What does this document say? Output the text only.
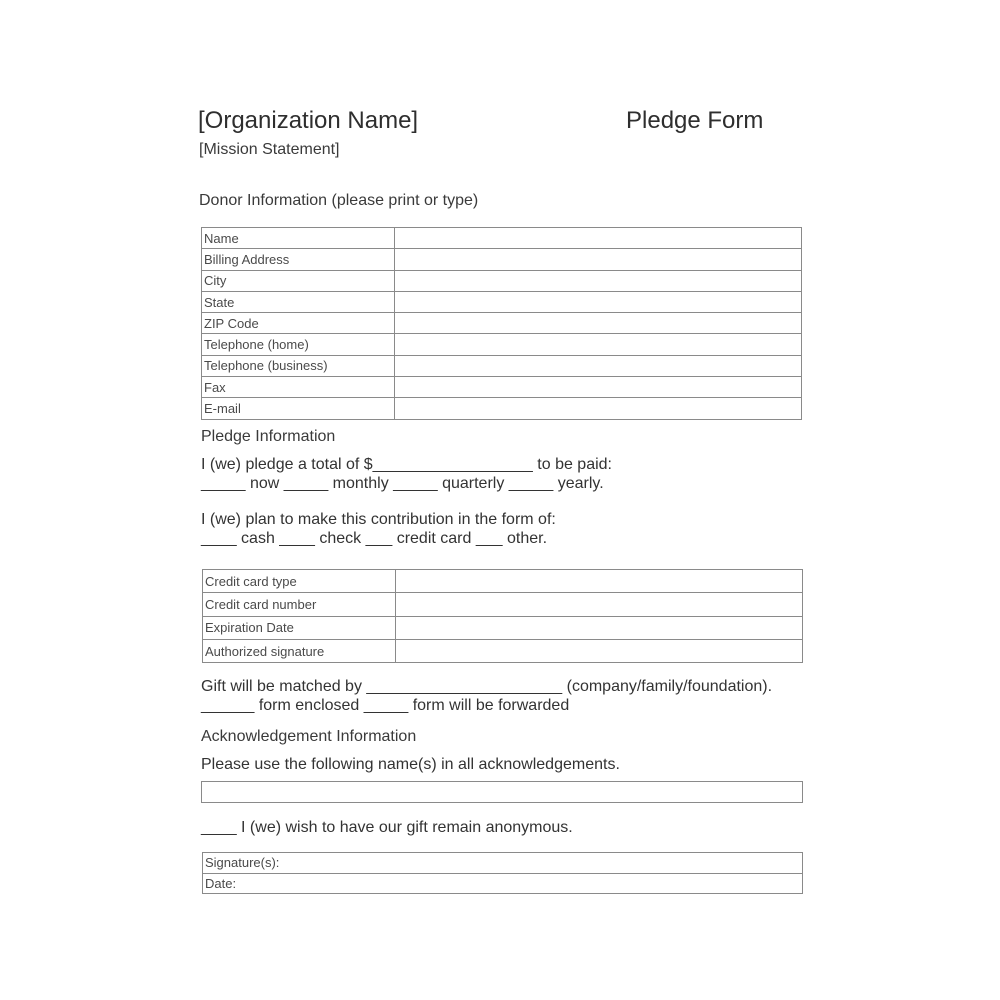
[Organization Name]	Pledge Form
[Mission Statement]
Donor Information (please print or type)
Name	
Billing Address	
City	
State	
ZIP Code	
Telephone (home)	
Telephone (business)	
Fax	
E-mail	
Pledge Information
I (we) pledge a total of $__________________ to be paid:
_____ now _____ monthly _____ quarterly _____ yearly.
I (we) plan to make this contribution in the form of:
____ cash ____ check ___ credit card ___ other.
Credit card type	
Credit card number	
Expiration Date	
Authorized signature	
Gift will be matched by ______________________ (company/family/foundation).
______ form enclosed _____ form will be forwarded
Acknowledgement Information
Please use the following name(s) in all acknowledgements.
____ I (we) wish to have our gift remain anonymous.
Signature(s):
Date:
